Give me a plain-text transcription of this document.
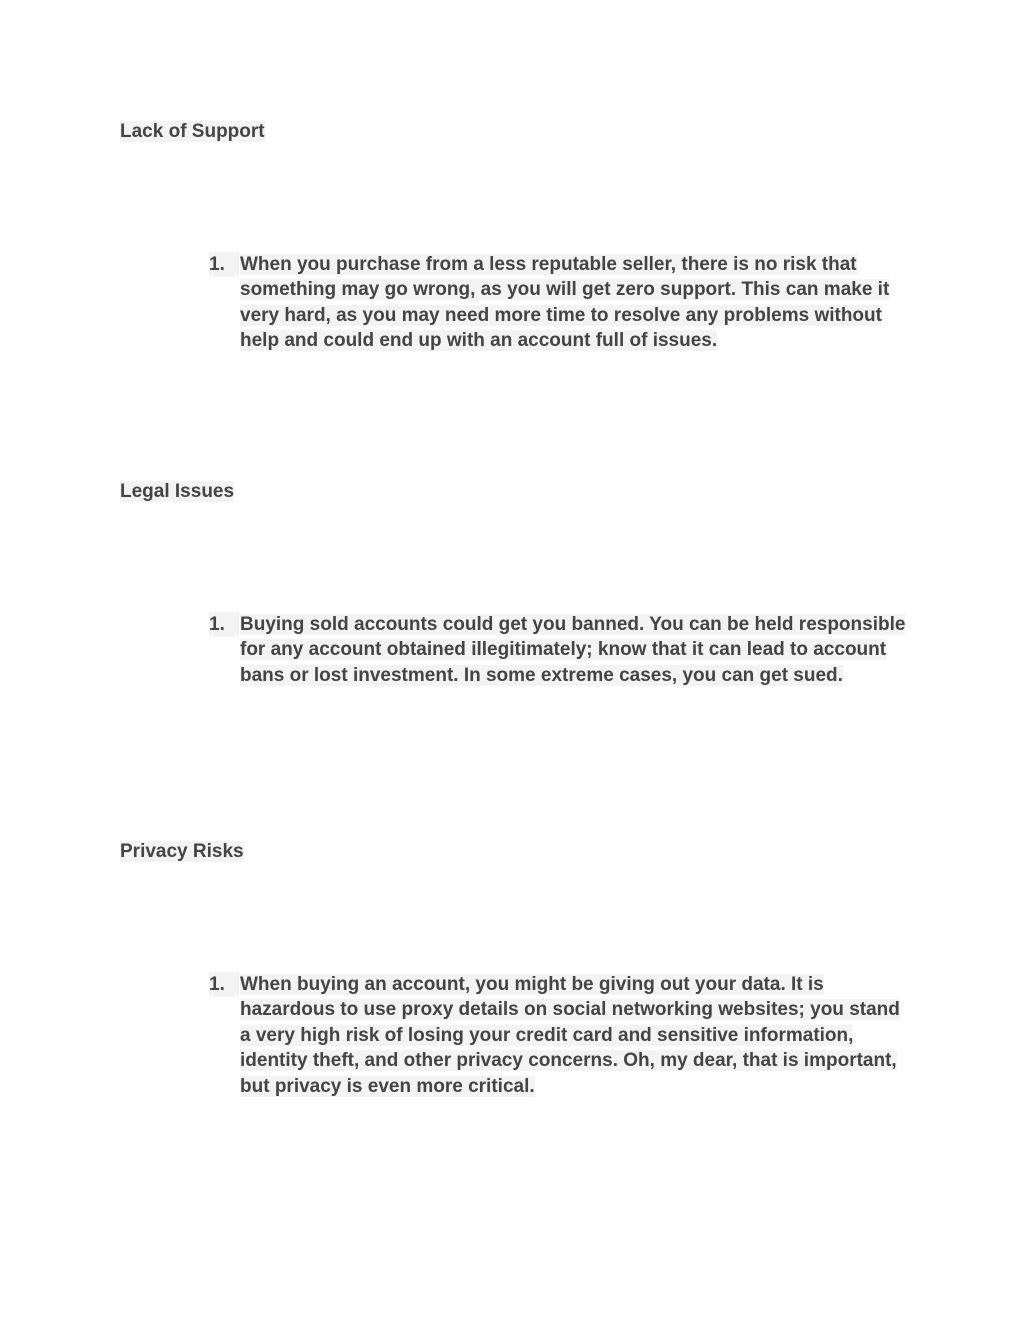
Lack of Support
1. When you purchase from a less reputable seller, there is no risk that something may go wrong, as you will get zero support. This can make it very hard, as you may need more time to resolve any problems without help and could end up with an account full of issues.
Legal Issues
1. Buying sold accounts could get you banned. You can be held responsible for any account obtained illegitimately; know that it can lead to account bans or lost investment. In some extreme cases, you can get sued.
Privacy Risks
1. When buying an account, you might be giving out your data. It is hazardous to use proxy details on social networking websites; you stand a very high risk of losing your credit card and sensitive information, identity theft, and other privacy concerns. Oh, my dear, that is important, but privacy is even more critical.
